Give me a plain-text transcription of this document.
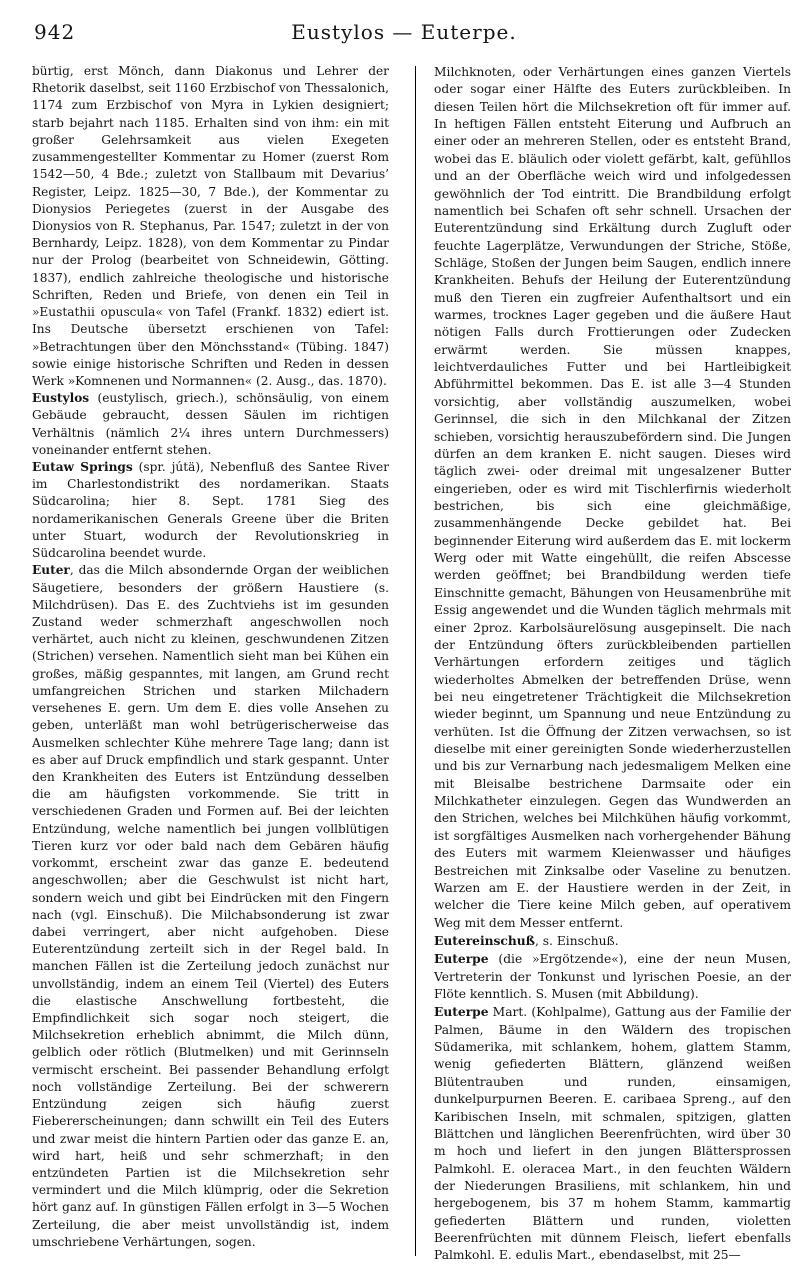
942	Eustylos — Euterpe.

bürtig, erst Mönch, dann Diakonus und Lehrer der Rhetorik daselbst, seit 1160 Erzbischof von Thessalonich, 1174 zum Erzbischof von Myra in Lykien designiert; starb bejahrt nach 1185. Erhalten sind von ihm: ein mit großer Gelehrsamkeit aus vielen Exegeten zusammengestellter Kommentar zu Homer (zuerst Rom 1542—50, 4 Bde.; zuletzt von Stallbaum mit Devarius’ Register, Leipz. 1825—30, 7 Bde.), der Kommentar zu Dionysios Periegetes (zuerst in der Ausgabe des Dionysios von R. Stephanus, Par. 1547; zuletzt in der von Bernhardy, Leipz. 1828), von dem Kommentar zu Pindar nur der Prolog (bearbeitet von Schneidewin, Götting. 1837), endlich zahlreiche theologische und historische Schriften, Reden und Briefe, von denen ein Teil in »Eustathii opuscula« von Tafel (Frankf. 1832) ediert ist. Ins Deutsche übersetzt erschienen von Tafel: »Betrachtungen über den Mönchsstand« (Tübing. 1847) sowie einige historische Schriften und Reden in dessen Werk »Komnenen und Normannen« (2. Ausg., das. 1870).

Eustylos (eustylisch, griech.), schönsäulig, von einem Gebäude gebraucht, dessen Säulen im richtigen Verhältnis (nämlich 2¼ ihres untern Durchmessers) voneinander entfernt stehen.

Eutaw Springs (spr. jútä), Nebenfluß des Santee River im Charlestondistrikt des nordamerikan. Staats Südcarolina; hier 8. Sept. 1781 Sieg des nordamerikanischen Generals Greene über die Briten unter Stuart, wodurch der Revolutionskrieg in Südcarolina beendet wurde.

Euter, das die Milch absondernde Organ der weiblichen Säugetiere, besonders der größern Haustiere (s. Milchdrüsen). Das E. des Zuchtviehs ist im gesunden Zustand weder schmerzhaft angeschwollen noch verhärtet, auch nicht zu kleinen, geschwundenen Zitzen (Strichen) versehen. Namentlich sieht man bei Kühen ein großes, mäßig gespanntes, mit langen, am Grund recht umfangreichen Strichen und starken Milchadern versehenes E. gern. Um dem E. dies volle Ansehen zu geben, unterläßt man wohl betrügerischerweise das Ausmelken schlechter Kühe mehrere Tage lang; dann ist es aber auf Druck empfindlich und stark gespannt. Unter den Krankheiten des Euters ist Entzündung desselben die am häufigsten vorkommende. Sie tritt in verschiedenen Graden und Formen auf. Bei der leichten Entzündung, welche namentlich bei jungen vollblütigen Tieren kurz vor oder bald nach dem Gebären häufig vorkommt, erscheint zwar das ganze E. bedeutend angeschwollen; aber die Geschwulst ist nicht hart, sondern weich und gibt bei Eindrücken mit den Fingern nach (vgl. Einschuß). Die Milchabsonderung ist zwar dabei verringert, aber nicht aufgehoben. Diese Euterentzündung zerteilt sich in der Regel bald. In manchen Fällen ist die Zerteilung jedoch zunächst nur unvollständig, indem an einem Teil (Viertel) des Euters die elastische Anschwellung fortbesteht, die Empfindlichkeit sich sogar noch steigert, die Milchsekretion erheblich abnimmt, die Milch dünn, gelblich oder rötlich (Blutmelken) und mit Gerinnseln vermischt erscheint. Bei passender Behandlung erfolgt noch vollständige Zerteilung. Bei der schwerern Entzündung zeigen sich häufig zuerst Fiebererscheinungen; dann schwillt ein Teil des Euters und zwar meist die hintern Partien oder das ganze E. an, wird hart, heiß und sehr schmerzhaft; in den entzündeten Partien ist die Milchsekretion sehr vermindert und die Milch klümprig, oder die Sekretion hört ganz auf. In günstigen Fällen erfolgt in 3—5 Wochen Zerteilung, die aber meist unvollständig ist, indem umschriebene Verhärtungen, sogen.

Milchknoten, oder Verhärtungen eines ganzen Viertels oder sogar einer Hälfte des Euters zurückbleiben. In diesen Teilen hört die Milchsekretion oft für immer auf. In heftigen Fällen entsteht Eiterung und Aufbruch an einer oder an mehreren Stellen, oder es entsteht Brand, wobei das E. bläulich oder violett gefärbt, kalt, gefühllos und an der Oberfläche weich wird und infolgedessen gewöhnlich der Tod eintritt. Die Brandbildung erfolgt namentlich bei Schafen oft sehr schnell. Ursachen der Euterentzündung sind Erkältung durch Zugluft oder feuchte Lagerplätze, Verwundungen der Striche, Stöße, Schläge, Stoßen der Jungen beim Saugen, endlich innere Krankheiten. Behufs der Heilung der Euterentzündung muß den Tieren ein zugfreier Aufenthaltsort und ein warmes, trocknes Lager gegeben und die äußere Haut nötigen Falls durch Frottierungen oder Zudecken erwärmt werden. Sie müssen knappes, leichtverdauliches Futter und bei Hartleibigkeit Abführmittel bekommen. Das E. ist alle 3—4 Stunden vorsichtig, aber vollständig auszumelken, wobei Gerinnsel, die sich in den Milchkanal der Zitzen schieben, vorsichtig herauszubefördern sind. Die Jungen dürfen an dem kranken E. nicht saugen. Dieses wird täglich zwei- oder dreimal mit ungesalzener Butter eingerieben, oder es wird mit Tischlerfirnis wiederholt bestrichen, bis sich eine gleichmäßige, zusammenhängende Decke gebildet hat. Bei beginnender Eiterung wird außerdem das E. mit lockerm Werg oder mit Watte eingehüllt, die reifen Abscesse werden geöffnet; bei Brandbildung werden tiefe Einschnitte gemacht, Bähungen von Heusamenbrühe mit Essig angewendet und die Wunden täglich mehrmals mit einer 2proz. Karbolsäurelösung ausgepinselt. Die nach der Entzündung öfters zurückbleibenden partiellen Verhärtungen erfordern zeitiges und täglich wiederholtes Abmelken der betreffenden Drüse, wenn bei neu eingetretener Trächtigkeit die Milchsekretion wieder beginnt, um Spannung und neue Entzündung zu verhüten. Ist die Öffnung der Zitzen verwachsen, so ist dieselbe mit einer gereinigten Sonde wiederherzustellen und bis zur Vernarbung nach jedesmaligem Melken eine mit Bleisalbe bestrichene Darmsaite oder ein Milchkatheter einzulegen. Gegen das Wundwerden an den Strichen, welches bei Milchkühen häufig vorkommt, ist sorgfältiges Ausmelken nach vorhergehender Bähung des Euters mit warmem Kleienwasser und häufiges Bestreichen mit Zinksalbe oder Vaseline zu benutzen. Warzen am E. der Haustiere werden in der Zeit, in welcher die Tiere keine Milch geben, auf operativem Weg mit dem Messer entfernt.

Eutereinschuß, s. Einschuß.

Euterpe (die »Ergötzende«), eine der neun Musen, Vertreterin der Tonkunst und lyrischen Poesie, an der Flöte kenntlich. S. Musen (mit Abbildung).

Euterpe Mart. (Kohlpalme), Gattung aus der Familie der Palmen, Bäume in den Wäldern des tropischen Südamerika, mit schlankem, hohem, glattem Stamm, wenig gefiederten Blättern, glänzend weißen Blütentrauben und runden, einsamigen, dunkelpurpurnen Beeren. E. caribaea Spreng., auf den Karibischen Inseln, mit schmalen, spitzigen, glatten Blättchen und länglichen Beerenfrüchten, wird über 30 m hoch und liefert in den jungen Blättersprossen Palmkohl. E. oleracea Mart., in den feuchten Wäldern der Niederungen Brasiliens, mit schlankem, hin und hergebogenem, bis 37 m hohem Stamm, kammartig gefiederten Blättern und runden, violetten Beerenfrüchten mit dünnem Fleisch, liefert ebenfalls Palmkohl. E. edulis Mart., ebendaselbst, mit 25—
